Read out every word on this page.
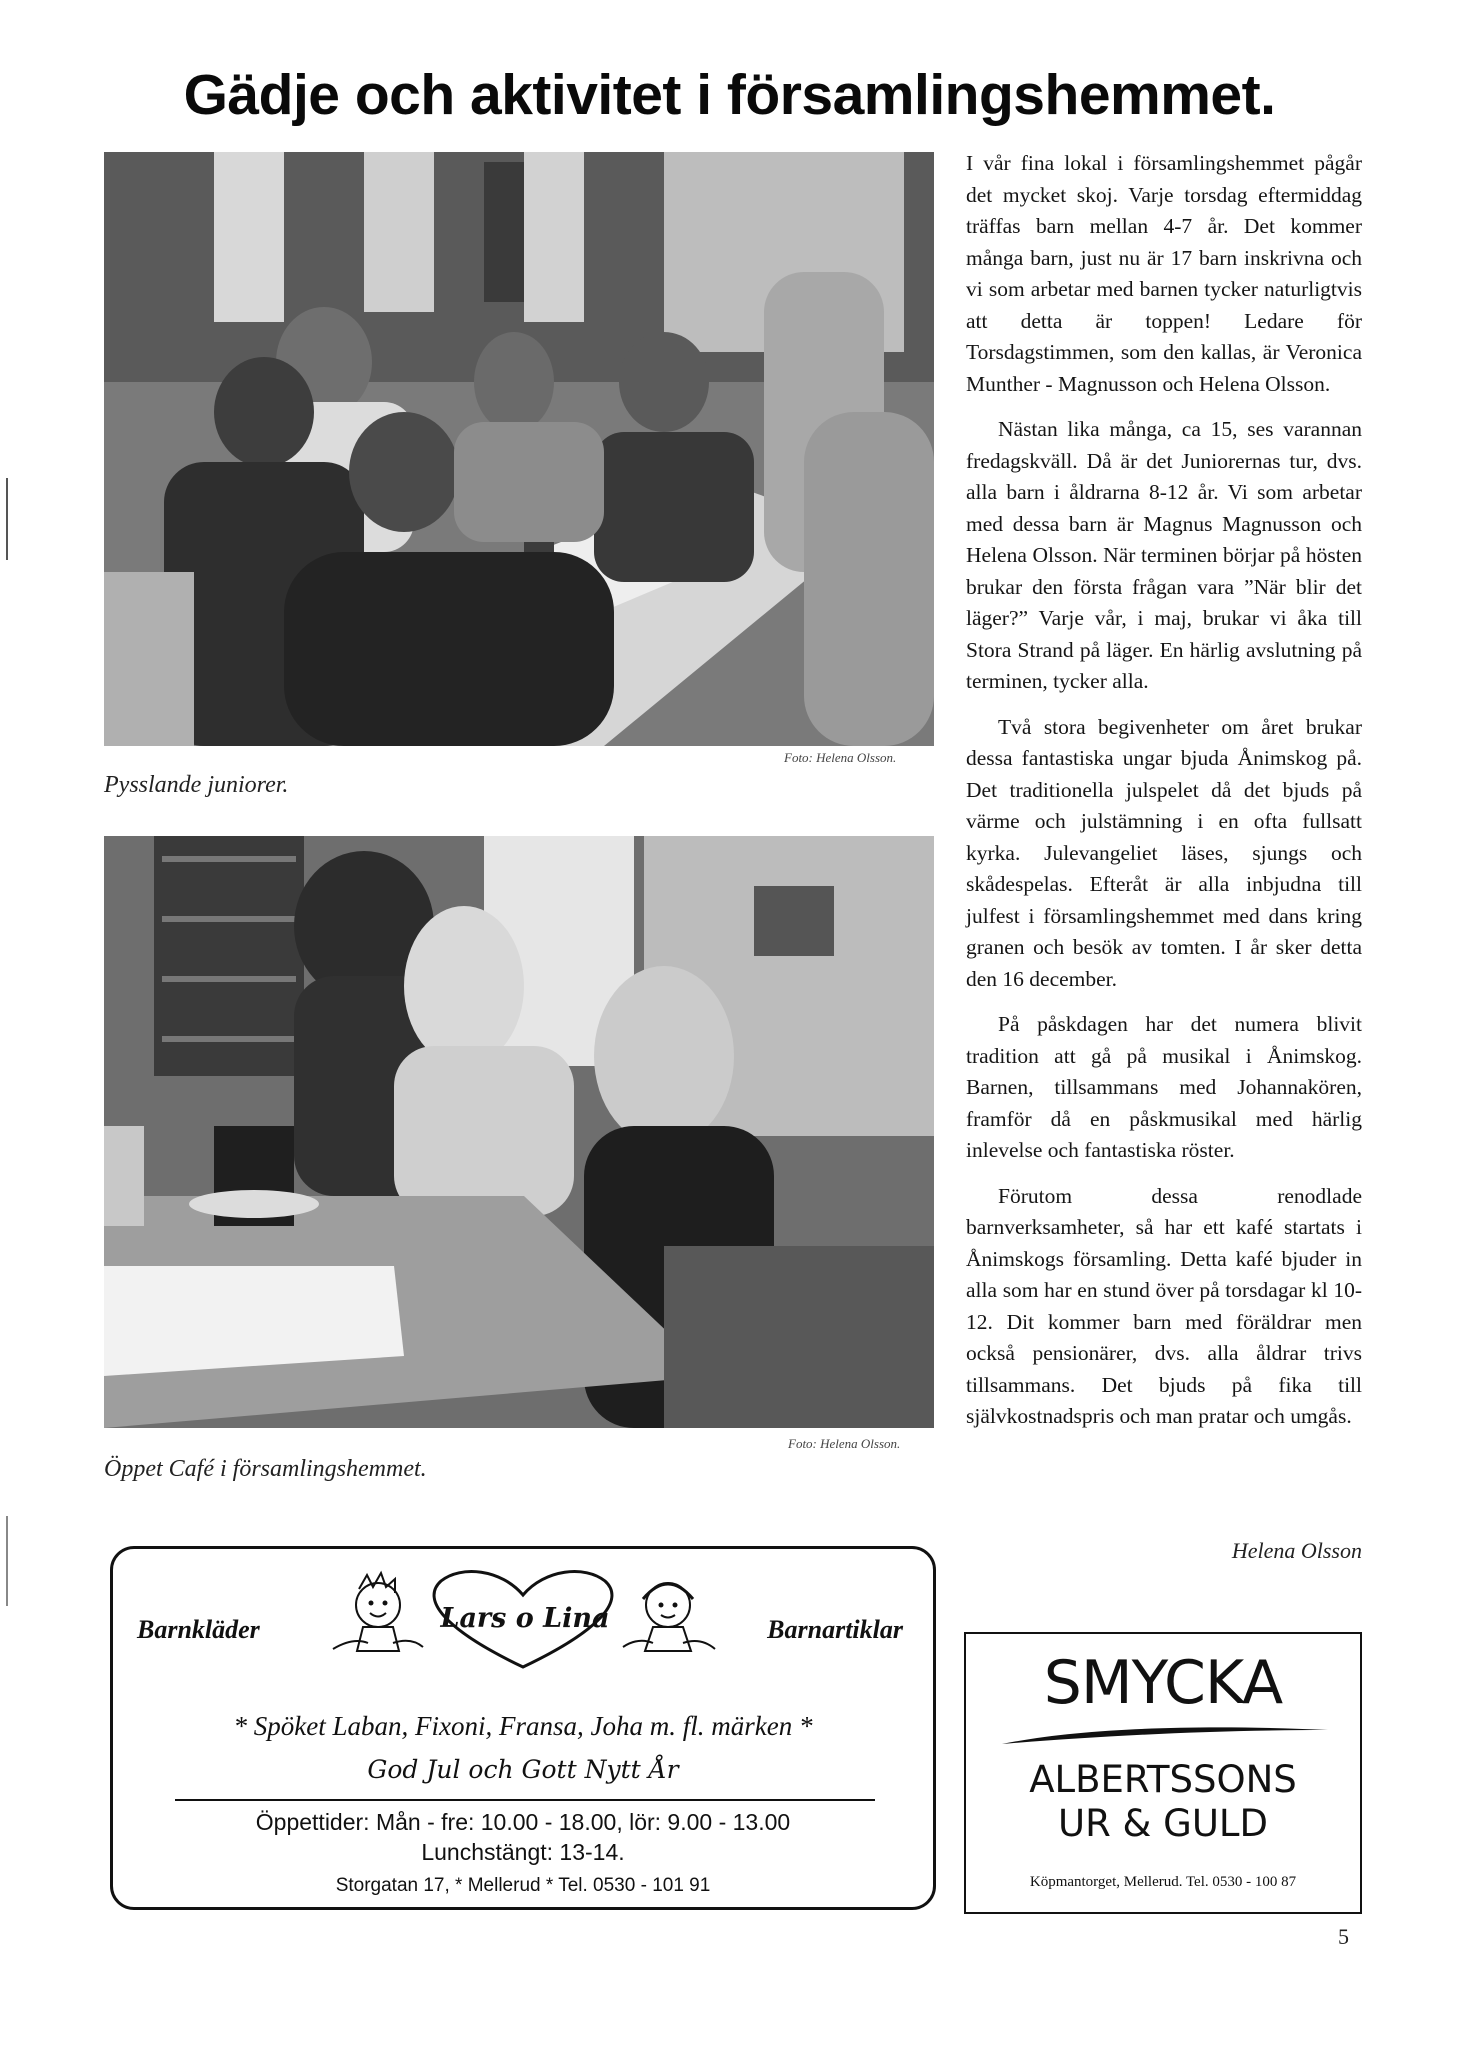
Gädje och aktivitet i församlingshemmet.
Pysslande juniorer.
Foto: Helena Olsson.
Öppet Café i församlingshemmet.
Foto: Helena Olsson.

I vår fina lokal i församlingshemmet pågår det mycket skoj. Varje torsdag eftermiddag träffas barn mellan 4-7 år. Det kommer många barn, just nu är 17 barn inskrivna och vi som arbetar med barnen tycker naturligtvis att detta är toppen! Ledare för Torsdagstimmen, som den kallas, är Veronica Munther - Magnusson och Helena Olsson.

Nästan lika många, ca 15, ses varannan fredagskväll. Då är det Juniorernas tur, dvs. alla barn i åldrarna 8-12 år. Vi som arbetar med dessa barn är Magnus Magnusson och Helena Olsson. När terminen börjar på hösten brukar den första frågan vara ”När blir det läger?” Varje vår, i maj, brukar vi åka till Stora Strand på läger. En härlig avslutning på terminen, tycker alla.

Två stora begivenheter om året brukar dessa fantastiska ungar bjuda Ånimskog på. Det traditionella julspelet då det bjuds på värme och julstämning i en ofta fullsatt kyrka. Julevangeliet läses, sjungs och skådespelas. Efteråt är alla inbjudna till julfest i församlingshemmet med dans kring granen och besök av tomten. I år sker detta den 16 december.

På påskdagen har det numera blivit tradition att gå på musikal i Ånimskog. Barnen, tillsammans med Johannakören, framför då en påskmusikal med härlig inlevelse och fantastiska röster.

Förutom dessa renodlade barnverksamheter, så har ett kafé startats i Ånimskogs församling. Detta kafé bjuder in alla som har en stund över på torsdagar kl 10-12. Dit kommer barn med föräldrar men också pensionärer, dvs. alla åldrar trivs tillsammans. Det bjuds på fika till självkostnadspris och man pratar och umgås.

Helena Olsson
Barnkläder	Barnartiklar
Lars o Lina
* Spöket Laban, Fixoni, Fransa, Joha m. fl. märken *
God Jul och Gott Nytt År
Öppettider: Mån - fre: 10.00 - 18.00, lör: 9.00 - 13.00
Lunchstängt: 13-14.
Storgatan 17, * Mellerud * Tel. 0530 - 101 91
SMYCKA
ALBERTSSONS
UR & GULD
Köpmantorget, Mellerud. Tel. 0530 - 100 87
5
